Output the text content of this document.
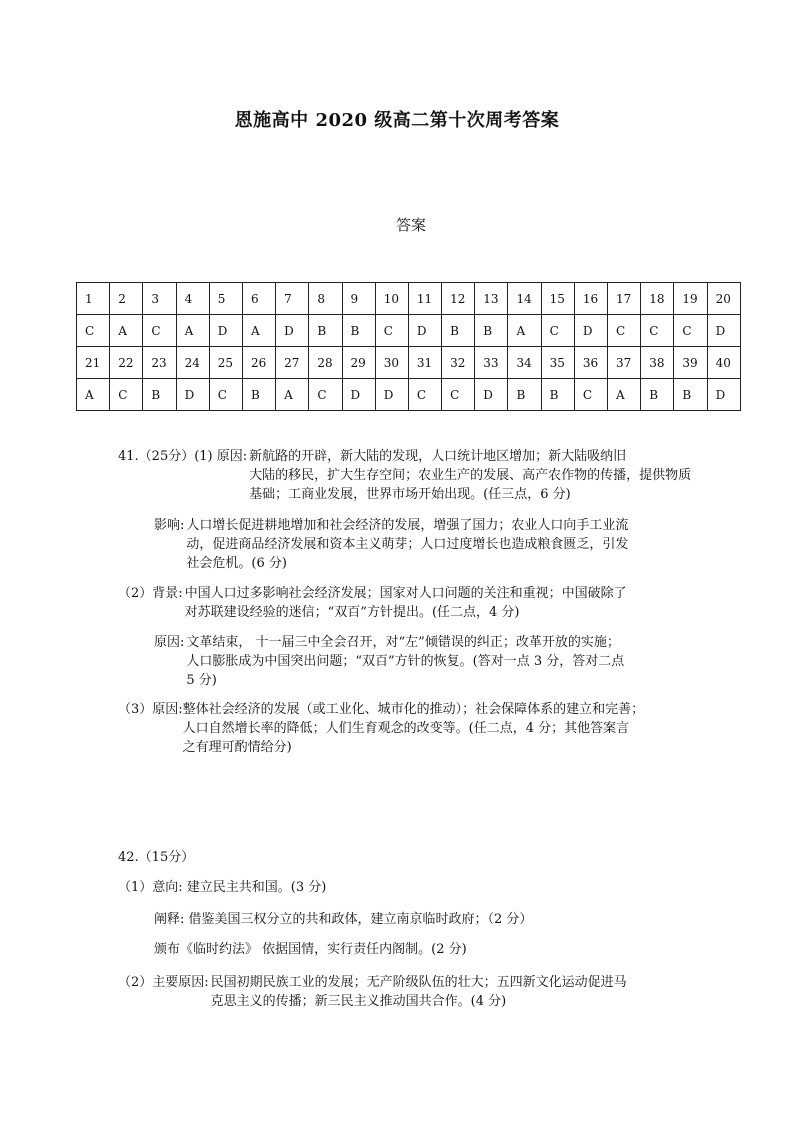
恩施高中 2020 级高二第十次周考答案
答案
1	2	3	4	5	6	7	8	9	10	11	12	13	14	15	16	17	18	19	20
C	A	C	A	D	A	D	B	B	C	D	B	B	A	C	D	C	C	C	D
21	22	23	24	25	26	27	28	29	30	31	32	33	34	35	36	37	38	39	40
A	C	B	D	C	B	A	C	D	D	C	C	D	B	B	C	A	B	B	D
41.（25分）(1) 原因: 新航路的开辟，新大陆的发现，人口统计地区增加；新大陆吸纳旧
大陆的移民，扩大生存空间；农业生产的发展、高产农作物的传播，提供物质
基础；工商业发展，世界市场开始出现。(任三点，6 分)
影响: 人口增长促进耕地增加和社会经济的发展，增强了国力；农业人口向手工业流
动，促进商品经济发展和资本主义萌芽；人口过度增长也造成粮食匮乏，引发
社会危机。(6 分)
（2）背景: 中国人口过多影响社会经济发展；国家对人口问题的关注和重视；中国破除了
对苏联建设经验的迷信；“双百”方针提出。(任二点，4 分)
原因: 文革结束， 十一届三中全会召开，对“左”倾错误的纠正；改革开放的实施；
人口膨胀成为中国突出问题；“双百”方针的恢复。(答对一点 3 分，答对二点
5 分)
（3）原因: 整体社会经济的发展（或工业化、城市化的推动）；社会保障体系的建立和完善；
人口自然增长率的降低；人们生育观念的改变等。(任二点，4 分；其他答案言
之有理可酌情给分)
42.（15分）
（1）意向: 建立民主共和国。(3 分)
阐释: 借鉴美国三权分立的共和政体，建立南京临时政府；（2 分）
颁布《临时约法》 依据国情，实行责任内阁制。(2 分)
（2）主要原因: 民国初期民族工业的发展；无产阶级队伍的壮大；五四新文化运动促进马
克思主义的传播；新三民主义推动国共合作。(4 分)
